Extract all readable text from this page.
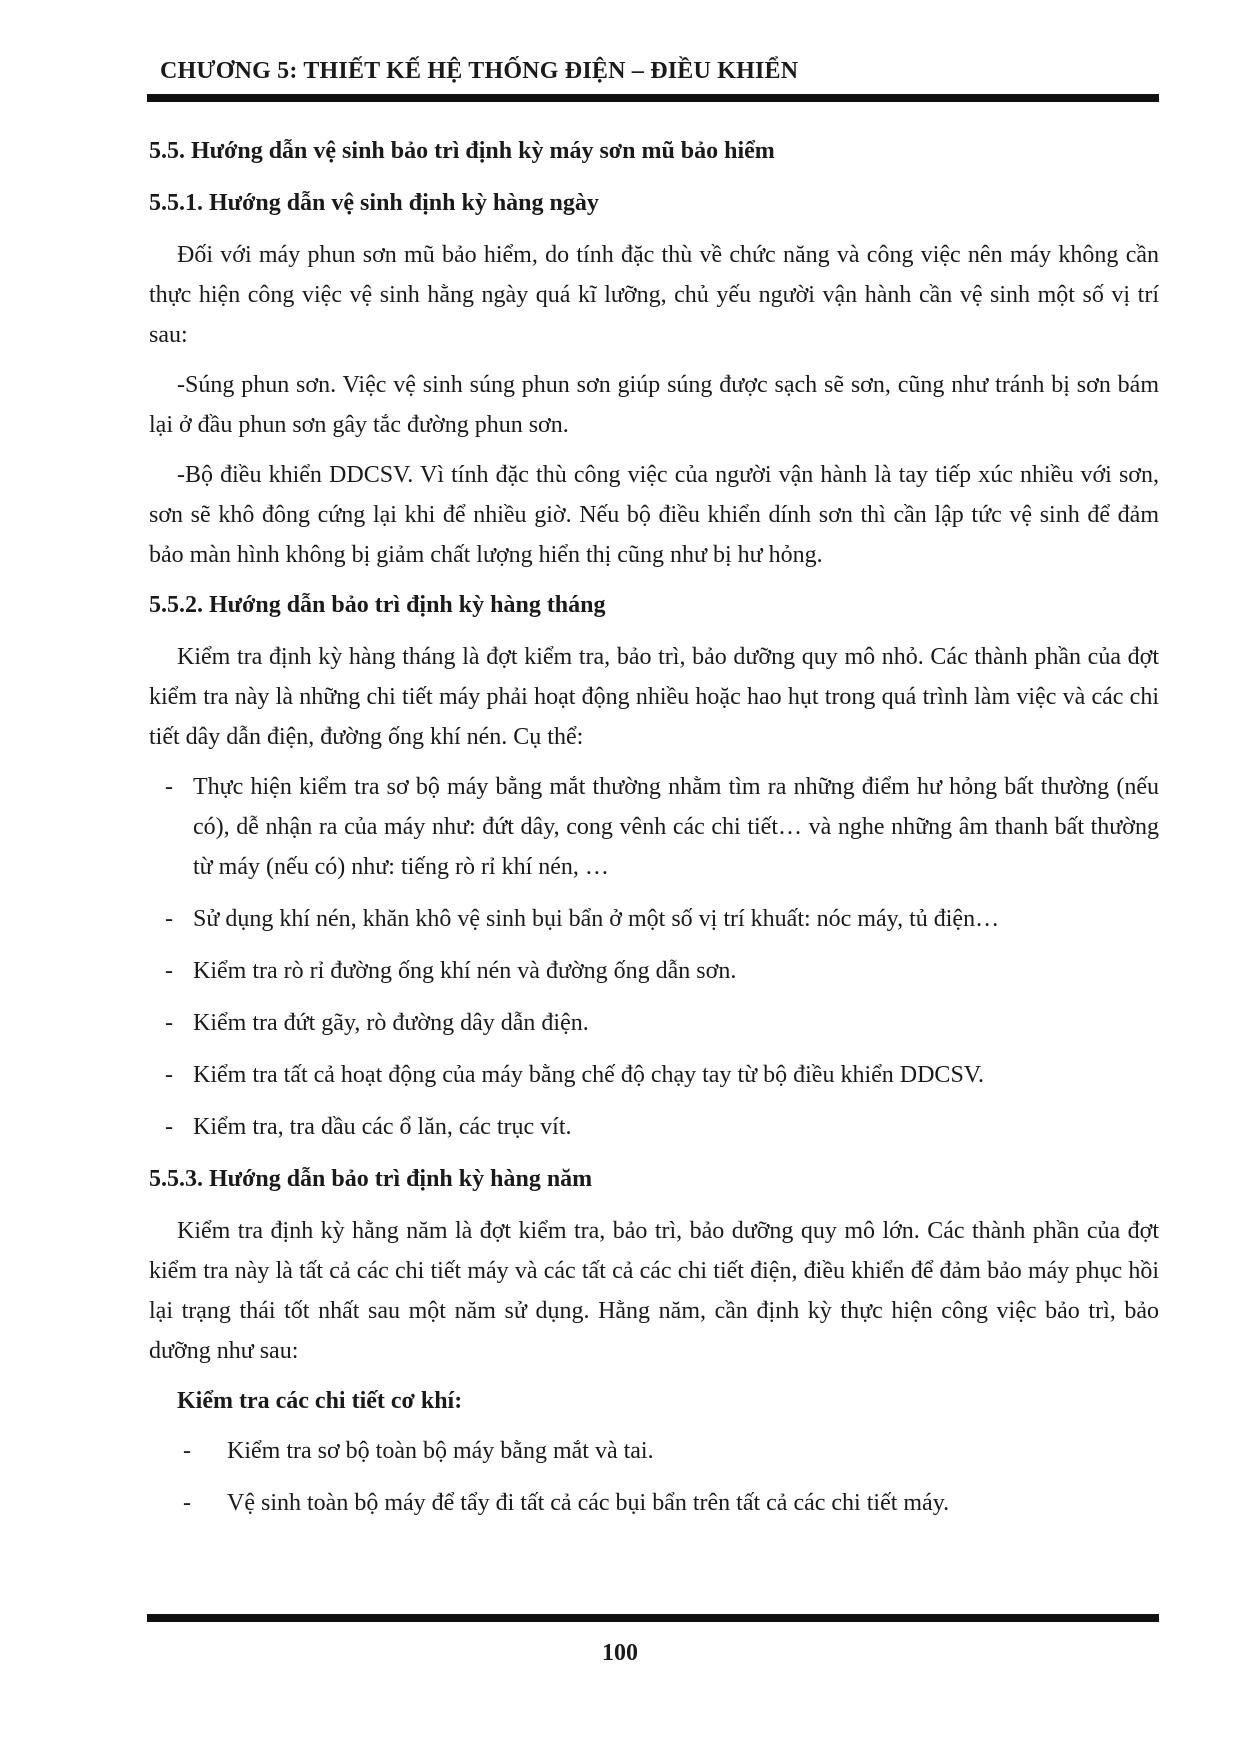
CHƯƠNG 5: THIẾT KẾ HỆ THỐNG ĐIỆN – ĐIỀU KHIỂN
5.5. Hướng dẫn vệ sinh bảo trì định kỳ máy sơn mũ bảo hiểm
5.5.1. Hướng dẫn vệ sinh định kỳ hàng ngày
Đối với máy phun sơn mũ bảo hiểm, do tính đặc thù về chức năng và công việc nên máy không cần thực hiện công việc vệ sinh hằng ngày quá kĩ lưỡng, chủ yếu người vận hành cần vệ sinh một số vị trí sau:
-Súng phun sơn. Việc vệ sinh súng phun sơn giúp súng được sạch sẽ sơn, cũng như tránh bị sơn bám lại ở đầu phun sơn gây tắc đường phun sơn.
-Bộ điều khiển DDCSV. Vì tính đặc thù công việc của người vận hành là tay tiếp xúc nhiều với sơn, sơn sẽ khô đông cứng lại khi để nhiều giờ. Nếu bộ điều khiển dính sơn thì cần lập tức vệ sinh để đảm bảo màn hình không bị giảm chất lượng hiển thị cũng như bị hư hỏng.
5.5.2. Hướng dẫn bảo trì định kỳ hàng tháng
Kiểm tra định kỳ hàng tháng là đợt kiểm tra, bảo trì, bảo dưỡng quy mô nhỏ. Các thành phần của đợt kiểm tra này là những chi tiết máy phải hoạt động nhiều hoặc hao hụt trong quá trình làm việc và các chi tiết dây dẫn điện, đường ống khí nén. Cụ thể:
- Thực hiện kiểm tra sơ bộ máy bằng mắt thường nhằm tìm ra những điểm hư hỏng bất thường (nếu có), dễ nhận ra của máy như: đứt dây, cong vênh các chi tiết… và nghe những âm thanh bất thường từ máy (nếu có) như: tiếng rò rỉ khí nén, …
- Sử dụng khí nén, khăn khô vệ sinh bụi bẩn ở một số vị trí khuất: nóc máy, tủ điện…
- Kiểm tra rò rỉ đường ống khí nén và đường ống dẫn sơn.
- Kiểm tra đứt gãy, rò đường dây dẫn điện.
- Kiểm tra tất cả hoạt động của máy bằng chế độ chạy tay từ bộ điều khiển DDCSV.
- Kiểm tra, tra dầu các ổ lăn, các trục vít.
5.5.3. Hướng dẫn bảo trì định kỳ hàng năm
Kiểm tra định kỳ hằng năm là đợt kiểm tra, bảo trì, bảo dưỡng quy mô lớn. Các thành phần của đợt kiểm tra này là tất cả các chi tiết máy và các tất cả các chi tiết điện, điều khiển để đảm bảo máy phục hồi lại trạng thái tốt nhất sau một năm sử dụng. Hằng năm, cần định kỳ thực hiện công việc bảo trì, bảo dưỡng như sau:
Kiểm tra các chi tiết cơ khí:
- Kiểm tra sơ bộ toàn bộ máy bằng mắt và tai.
- Vệ sinh toàn bộ máy để tẩy đi tất cả các bụi bẩn trên tất cả các chi tiết máy.
100
